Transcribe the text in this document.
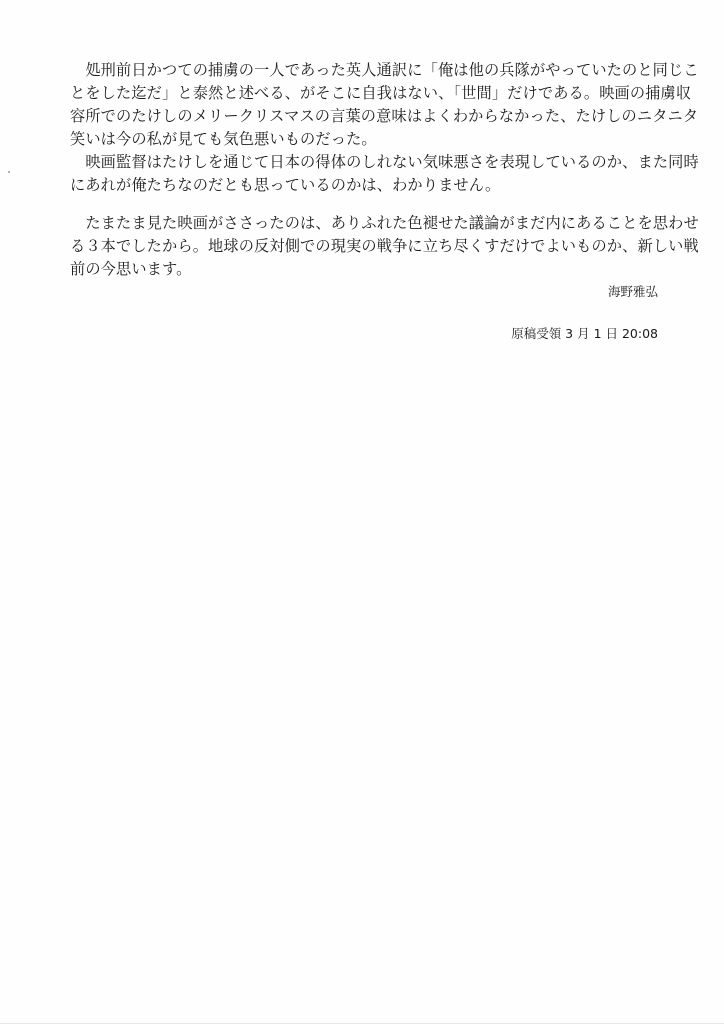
　処刑前日かつての捕虜の一人であった英人通訳に「俺は他の兵隊がやっていたのと同じこ
とをした迄だ」と泰然と述べる、がそこに自我はない、「世間」だけである。映画の捕虜収
容所でのたけしのメリークリスマスの言葉の意味はよくわからなかった、たけしのニタニタ
笑いは今の私が見ても気色悪いものだった。
　映画監督はたけしを通じて日本の得体のしれない気味悪さを表現しているのか、また同時
にあれが俺たちなのだとも思っているのかは、わかりません。
　たまたま見た映画がささったのは、ありふれた色褪せた議論がまだ内にあることを思わせ
る３本でしたから。地球の反対側での現実の戦争に立ち尽くすだけでよいものか、新しい戦
前の今思います。
海野雅弘
原稿受領 3 月 1 日 20:08
